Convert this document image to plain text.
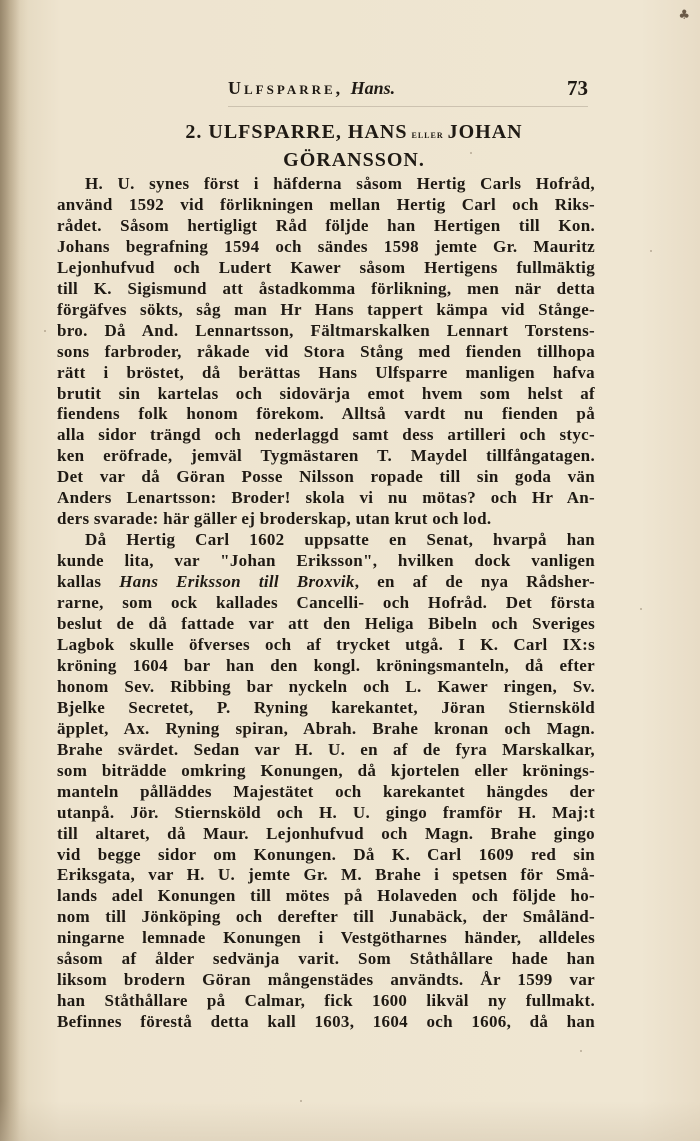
♣
Ulfsparre, Hans.	73
2. ULFSPARRE, HANS eller JOHAN
GÖRANSSON.
H. U. synes först i häfderna såsom Hertig Carls Hofråd,
använd 1592 vid förlikningen mellan Hertig Carl och Riks-
rådet. Såsom hertigligt Råd följde han Hertigen till Kon.
Johans begrafning 1594 och sändes 1598 jemte Gr. Mauritz
Lejonhufvud och Ludert Kawer såsom Hertigens fullmäktig
till K. Sigismund att åstadkomma förlikning, men när detta
förgäfves sökts, såg man Hr Hans tappert kämpa vid Stånge-
bro. Då And. Lennartsson, Fältmarskalken Lennart Torstens-
sons farbroder, råkade vid Stora Stång med fienden tillhopa
rätt i bröstet, då berättas Hans Ulfsparre manligen hafva
brutit sin kartelas och sidovärja emot hvem som helst af
fiendens folk honom förekom. Alltså vardt nu fienden på
alla sidor trängd och nederlaggd samt dess artilleri och styc-
ken eröfrade, jemväl Tygmästaren T. Maydel tillfångatagen.
Det var då Göran Posse Nilsson ropade till sin goda vän
Anders Lenartsson: Broder! skola vi nu mötas? och Hr An-
ders svarade: här gäller ej broderskap, utan krut och lod.
Då Hertig Carl 1602 uppsatte en Senat, hvarpå han
kunde lita, var "Johan Eriksson", hvilken dock vanligen
kallas Hans Eriksson till Broxvik, en af de nya Rådsher-
rarne, som ock kallades Cancelli- och Hofråd. Det första
beslut de då fattade var att den Heliga Bibeln och Sveriges
Lagbok skulle öfverses och af trycket utgå. I K. Carl IX:s
kröning 1604 bar han den kongl. kröningsmanteln, då efter
honom Sev. Ribbing bar nyckeln och L. Kawer ringen, Sv.
Bjelke Secretet, P. Ryning karekantet, Jöran Stiernsköld
äpplet, Ax. Ryning spiran, Abrah. Brahe kronan och Magn.
Brahe svärdet. Sedan var H. U. en af de fyra Marskalkar,
som biträdde omkring Konungen, då kjortelen eller krönings-
manteln pålläddes Majestätet och karekantet hängdes der
utanpå. Jör. Stiernsköld och H. U. gingo framför H. Maj:t
till altaret, då Maur. Lejonhufvud och Magn. Brahe gingo
vid begge sidor om Konungen. Då K. Carl 1609 red sin
Eriksgata, var H. U. jemte Gr. M. Brahe i spetsen för Små-
lands adel Konungen till mötes på Holaveden och följde ho-
nom till Jönköping och derefter till Junabäck, der Småländ-
ningarne lemnade Konungen i Vestgötharnes händer, alldeles
såsom af ålder sedvänja varit. Som Ståthållare hade han
liksom brodern Göran mångenstädes användts. År 1599 var
han Ståthållare på Calmar, fick 1600 likväl ny fullmakt.
Befinnes förestå detta kall 1603, 1604 och 1606, då han
